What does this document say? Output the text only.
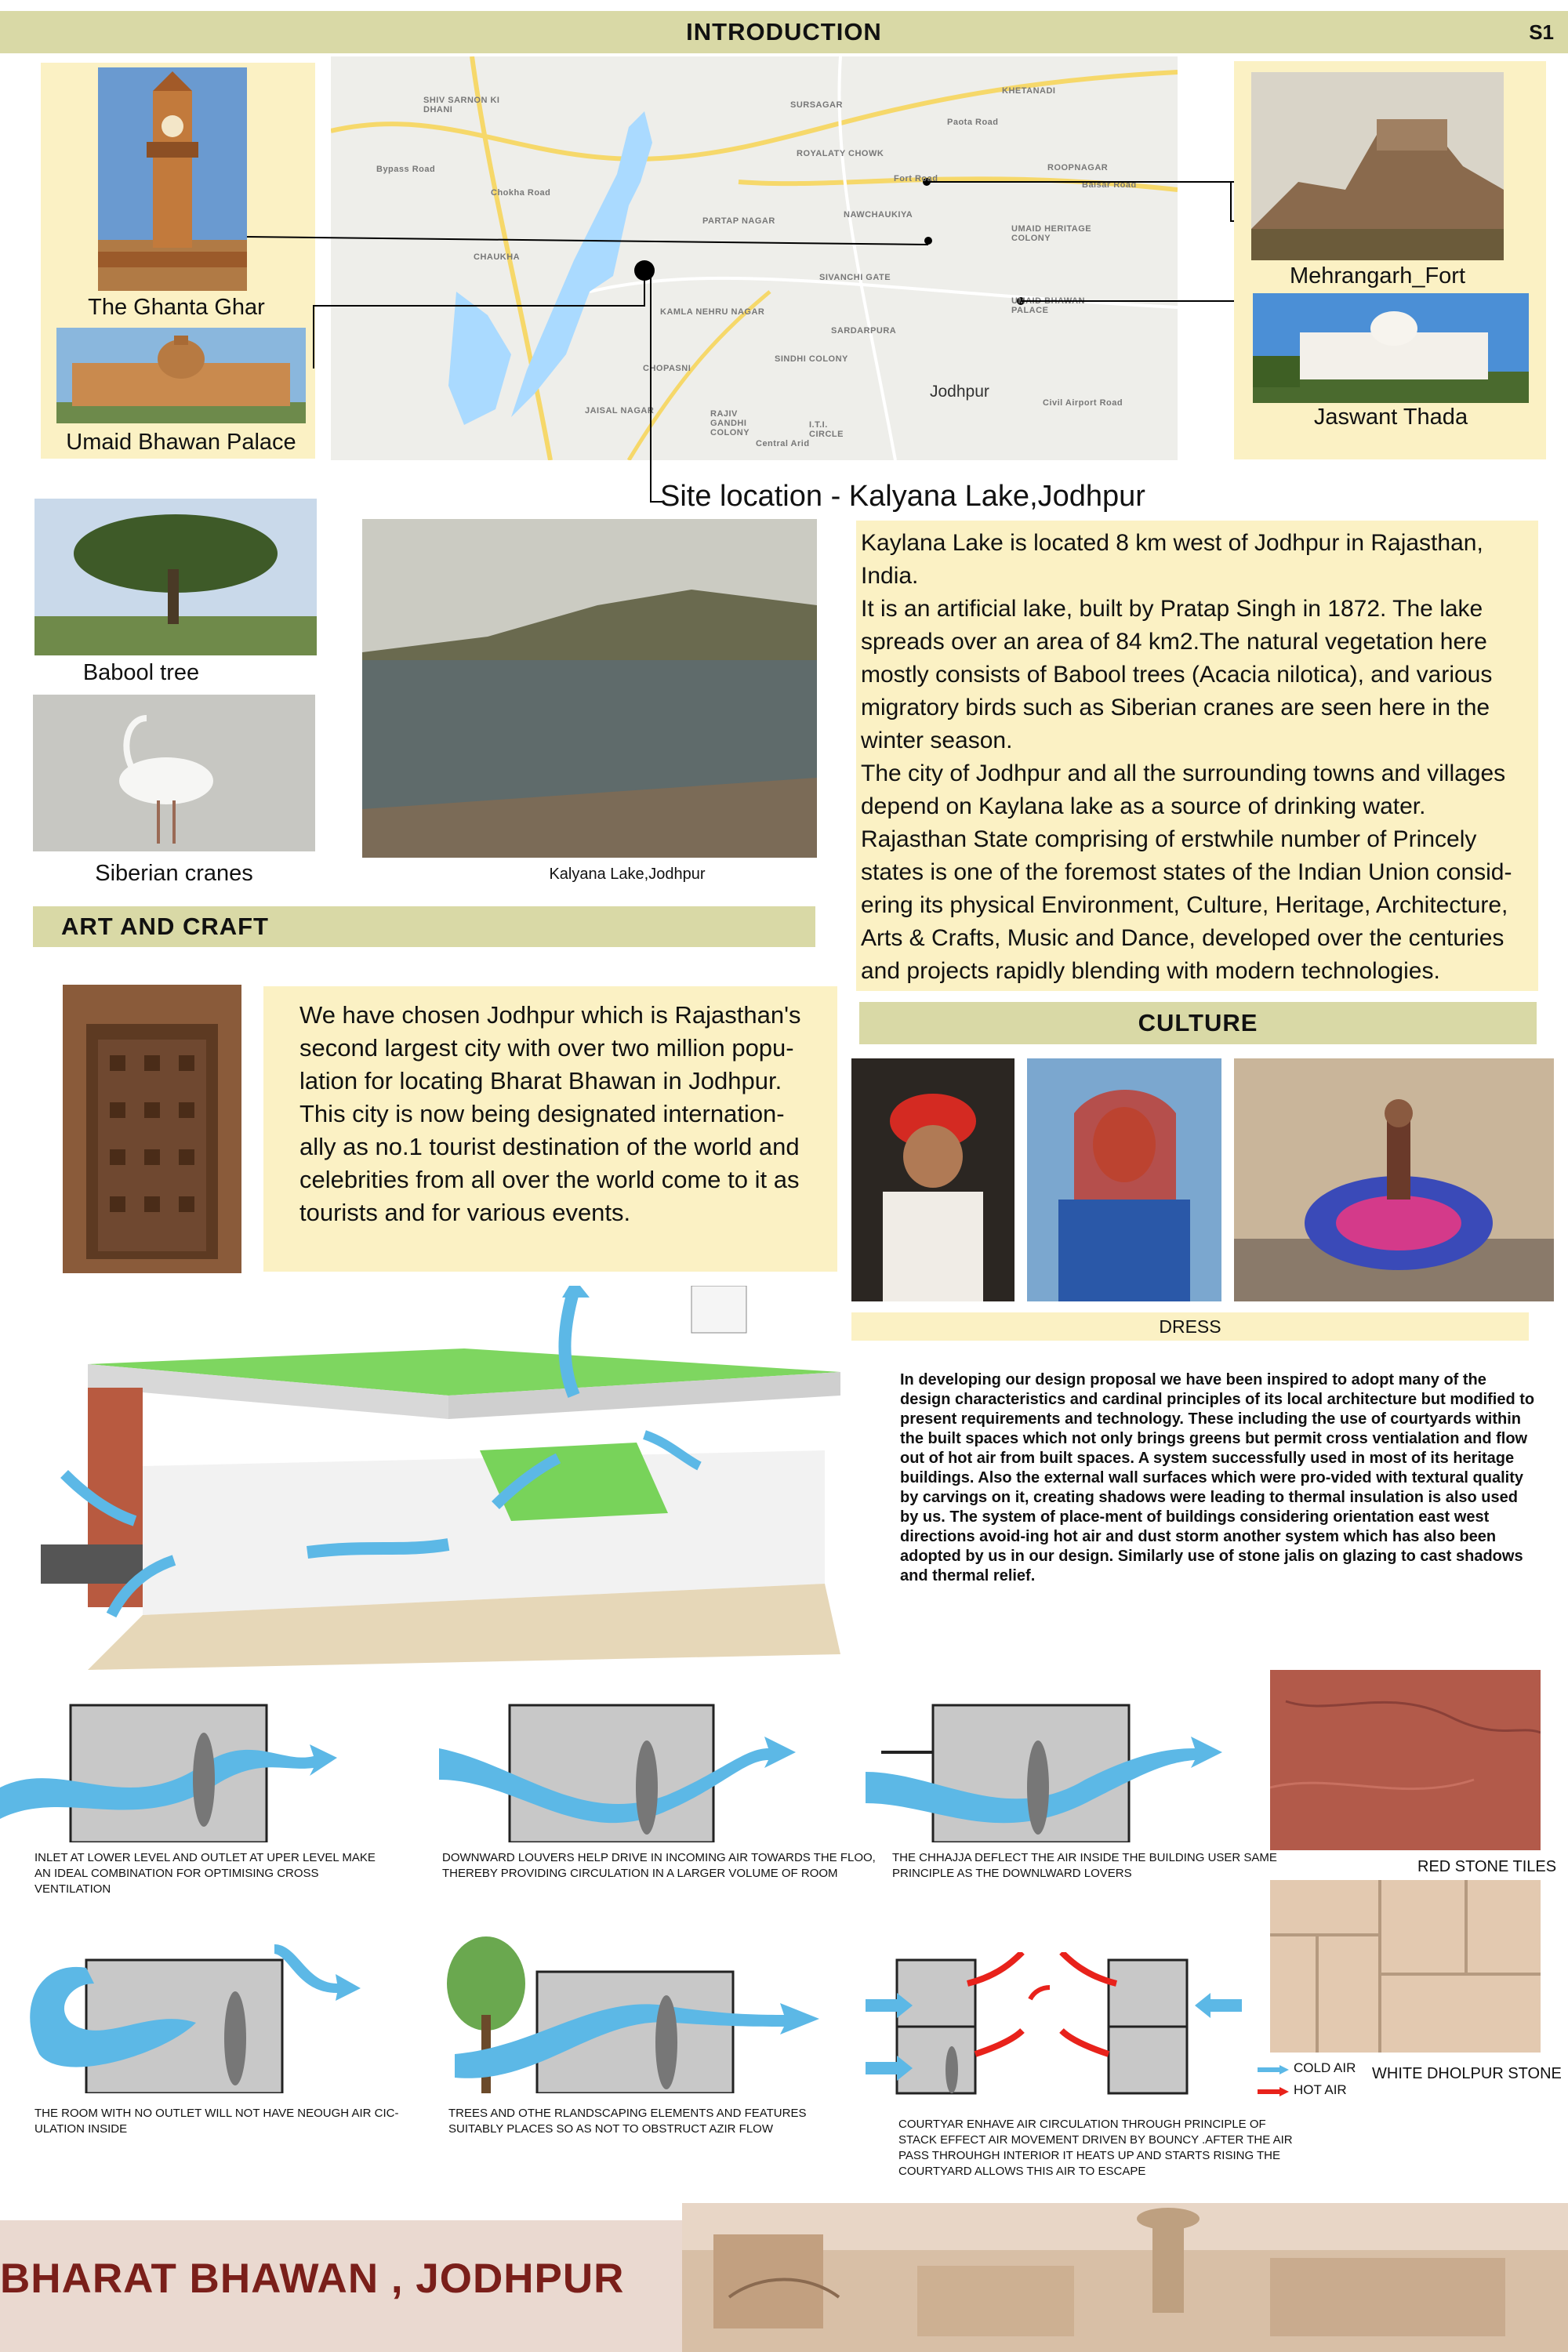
INTRODUCTION	S1
The Ghanta Ghar
Umaid Bhawan Palace
SHIV SARNON KI DHANI	SURSAGAR
KHETANADI
ROYALATY CHOWK
ROOPNAGAR
NAWCHAUKIYA
PARTAP NAGAR
UMAID HERITAGE COLONY
CHAUKHA
SIVANCHI GATE
KAMLA NEHRU NAGAR
SARDARPURA
UMAID BHAWAN PALACE
CHOPASNI
SINDHI COLONY
JAISAL NAGAR	RAJIV GANDHI COLONY
I.T.I. CIRCLE
Central Arid
Bypass Road
Chokha Road
Fort Road
Balsar Road
Paota Road
Civil Airport Road
Jodhpur
Mehrangarh_Fort
Jaswant Thada
Site location - Kalyana Lake,Jodhpur
Babool tree
Siberian cranes	Kalyana Lake,Jodhpur
Kaylana Lake is located 8 km west of Jodhpur in Rajasthan, India.
It is an artificial lake, built by Pratap Singh in 1872. The lake spreads over an area of 84 km2.The natural vegetation here mostly consists of Babool trees (Acacia nilotica), and various migratory birds such as Siberian cranes are seen here in the winter season.
The city of Jodhpur and all the surrounding towns and villages depend on Kaylana lake as a source of drinking water.
Rajasthan State comprising of erstwhile number of Princely states is one of the foremost states of the Indian Union consid-ering its physical Environment, Culture, Heritage, Architecture, Arts & Crafts, Music and Dance, developed over the centuries and projects rapidly blending with modern technologies.
ART AND CRAFT
We have chosen Jodhpur which is Rajasthan's second largest city with over two million popu-lation for locating Bharat Bhawan in Jodhpur. This city is now being designated internation-ally as no.1 tourist destination of the world and celebrities from all over the world come to it as tourists and for various events.
CULTURE
DRESS
In developing our design proposal we have been inspired to adopt many of the design characteristics and cardinal principles of its local architecture but modified to present requirements and technology. These including the use of courtyards within the built spaces which not only brings greens but permit cross ventialation and flow out of hot air from built spaces. A system successfully used in most of its heritage buildings. Also the external wall surfaces which were pro-vided with textural quality by carvings on it, creating shadows were leading to thermal insulation is also used by us. The system of place-ment of buildings considering orientation east west directions avoid-ing hot air and dust storm another system which has also been adopted by us in our design. Similarly use of stone jalis on glazing to cast shadows and thermal relief.
INLET AT LOWER LEVEL AND OUTLET AT UPER LEVEL MAKE AN IDEAL COMBINATION FOR OPTIMISING CROSS VENTILATION
DOWNWARD LOUVERS HELP DRIVE IN INCOMING AIR TOWARDS THE FLOO, THEREBY PROVIDING CIRCULATION IN A LARGER VOLUME OF ROOM
THE CHHAJJA DEFLECT THE AIR INSIDE THE BUILDING USER SAME PRINCIPLE AS THE DOWNLWARD LOVERS	RED STONE TILES
WHITE DHOLPUR STONE
THE ROOM WITH NO OUTLET WILL NOT HAVE NEOUGH AIR CIC-ULATION INSIDE
TREES AND OTHE RLANDSCAPING ELEMENTS AND FEATURES SUITABLY PLACES SO AS NOT TO OBSTRUCT AZIR FLOW	COURTYAR ENHAVE AIR CIRCULATION THROUGH PRINCIPLE OF STACK EFFECT AIR MOVEMENT DRIVEN BY BOUNCY .AFTER THE AIR PASS THROUHGH INTERIOR IT HEATS UP AND STARTS RISING THE COURTYARD ALLOWS THIS AIR TO ESCAPE
COLD AIR
HOT AIR
BHARAT BHAWAN , JODHPUR
